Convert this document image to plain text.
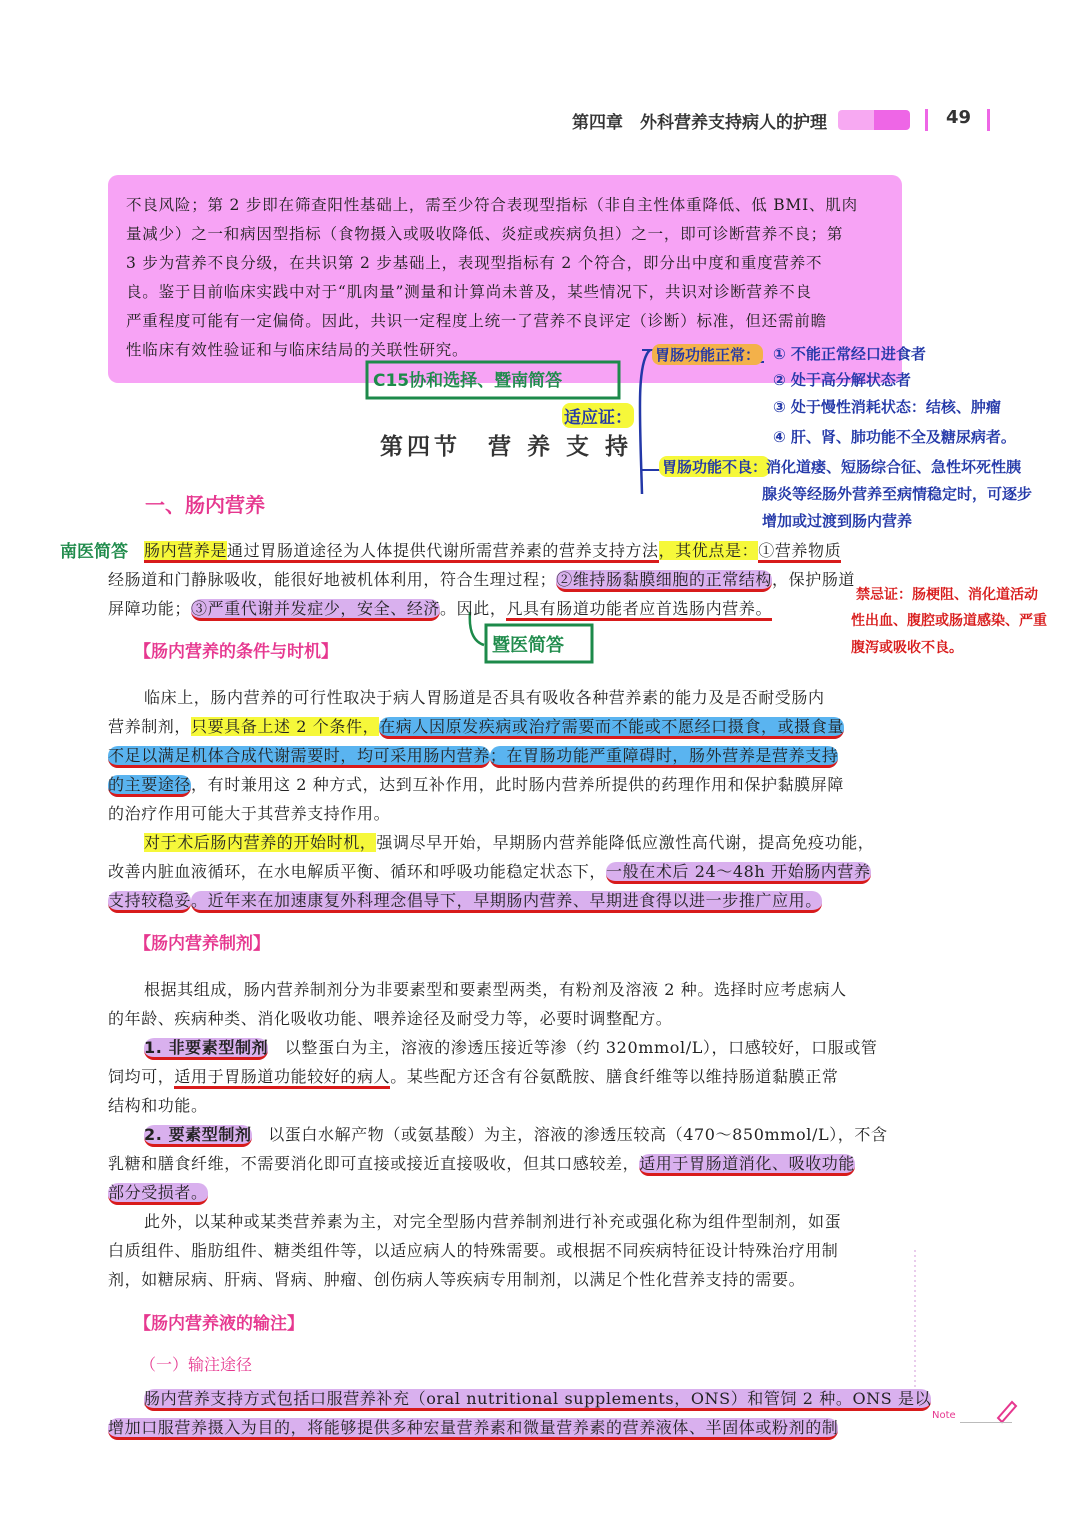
第四章　外科营养支持病人的护理	49

不良风险；第 2 步即在筛查阳性基础上，需至少符合表现型指标（非自主性体重降低、低 BMI、肌肉

量减少）之一和病因型指标（食物摄入或吸收降低、炎症或疾病负担）之一，即可诊断营养不良；第

3 步为营养不良分级，在共识第 2 步基础上，表现型指标有 2 个符合，即分出中度和重度营养不

良。鉴于目前临床实践中对于“肌肉量”测量和计算尚未普及，某些情况下，共识对诊断营养不良

严重程度可能有一定偏倚。因此，共识一定程度上统一了营养不良评定（诊断）标准，但还需前瞻

性临床有效性验证和与临床结局的关联性研究。

C15协和选择、暨南简答
暨医简答
适应证：
胃肠功能正常： ① 不能正常经口进食者
② 处于高分解状态者
③ 处于慢性消耗状态：结核、肿瘤
④ 肝、肾、肺功能不全及糖尿病者。
胃肠功能不良：
消化道瘘、短肠综合征、急性坏死性胰
腺炎等经肠外营养至病情稳定时，可逐步
增加或过渡到肠内营养
南医简答
禁忌证：肠梗阻、消化道活动
性出血、腹腔或肠道感染、严重
腹泻或吸收不良。
第四节　营 养 支 持
一、肠内营养

肠内营养是通过胃肠道途径为人体提供代谢所需营养素的营养支持方法，其优点是：①营养物质

经肠道和门静脉吸收，能很好地被机体利用，符合生理过程；②维持肠黏膜细胞的正常结构，保护肠道

屏障功能；③严重代谢并发症少，安全、经济。因此，凡具有肠道功能者应首选肠内营养。

【肠内营养的条件与时机】

临床上，肠内营养的可行性取决于病人胃肠道是否具有吸收各种营养素的能力及是否耐受肠内

营养制剂，只要具备上述 2 个条件，在病人因原发疾病或治疗需要而不能或不愿经口摄食，或摄食量

不足以满足机体合成代谢需要时，均可采用肠内营养；在胃肠功能严重障碍时，肠外营养是营养支持

的主要途径，有时兼用这 2 种方式，达到互补作用，此时肠内营养所提供的药理作用和保护黏膜屏障

的治疗作用可能大于其营养支持作用。

对于术后肠内营养的开始时机，强调尽早开始，早期肠内营养能降低应激性高代谢，提高免疫功能，

改善内脏血液循环，在水电解质平衡、循环和呼吸功能稳定状态下，一般在术后 24～48h 开始肠内营养

支持较稳妥。近年来在加速康复外科理念倡导下，早期肠内营养、早期进食得以进一步推广应用。

【肠内营养制剂】

根据其组成，肠内营养制剂分为非要素型和要素型两类，有粉剂及溶液 2 种。选择时应考虑病人

的年龄、疾病种类、消化吸收功能、喂养途径及耐受力等，必要时调整配方。

1. 非要素型制剂　 以整蛋白为主，溶液的渗透压接近等渗（约 320mmol/L），口感较好，口服或管

饲均可，适用于胃肠道功能较好的病人。某些配方还含有谷氨酰胺、膳食纤维等以维持肠道黏膜正常

结构和功能。

2. 要素型制剂　 以蛋白水解产物（或氨基酸）为主，溶液的渗透压较高（470～850mmol/L），不含

乳糖和膳食纤维，不需要消化即可直接或接近直接吸收，但其口感较差，适用于胃肠道消化、吸收功能

部分受损者。

此外，以某种或某类营养素为主，对完全型肠内营养制剂进行补充或强化称为组件型制剂，如蛋

白质组件、脂肪组件、糖类组件等，以适应病人的特殊需要。或根据不同疾病特征设计特殊治疗用制

剂，如糖尿病、肝病、肾病、肿瘤、创伤病人等疾病专用制剂，以满足个性化营养支持的需要。

【肠内营养液的输注】
（一）输注途径

肠内营养支持方式包括口服营养补充（oral nutritional supplements，ONS）和管饲 2 种。ONS 是以

增加口服营养摄入为目的，将能够提供多种宏量营养素和微量营养素的营养液体、半固体或粉剂的制

Note
